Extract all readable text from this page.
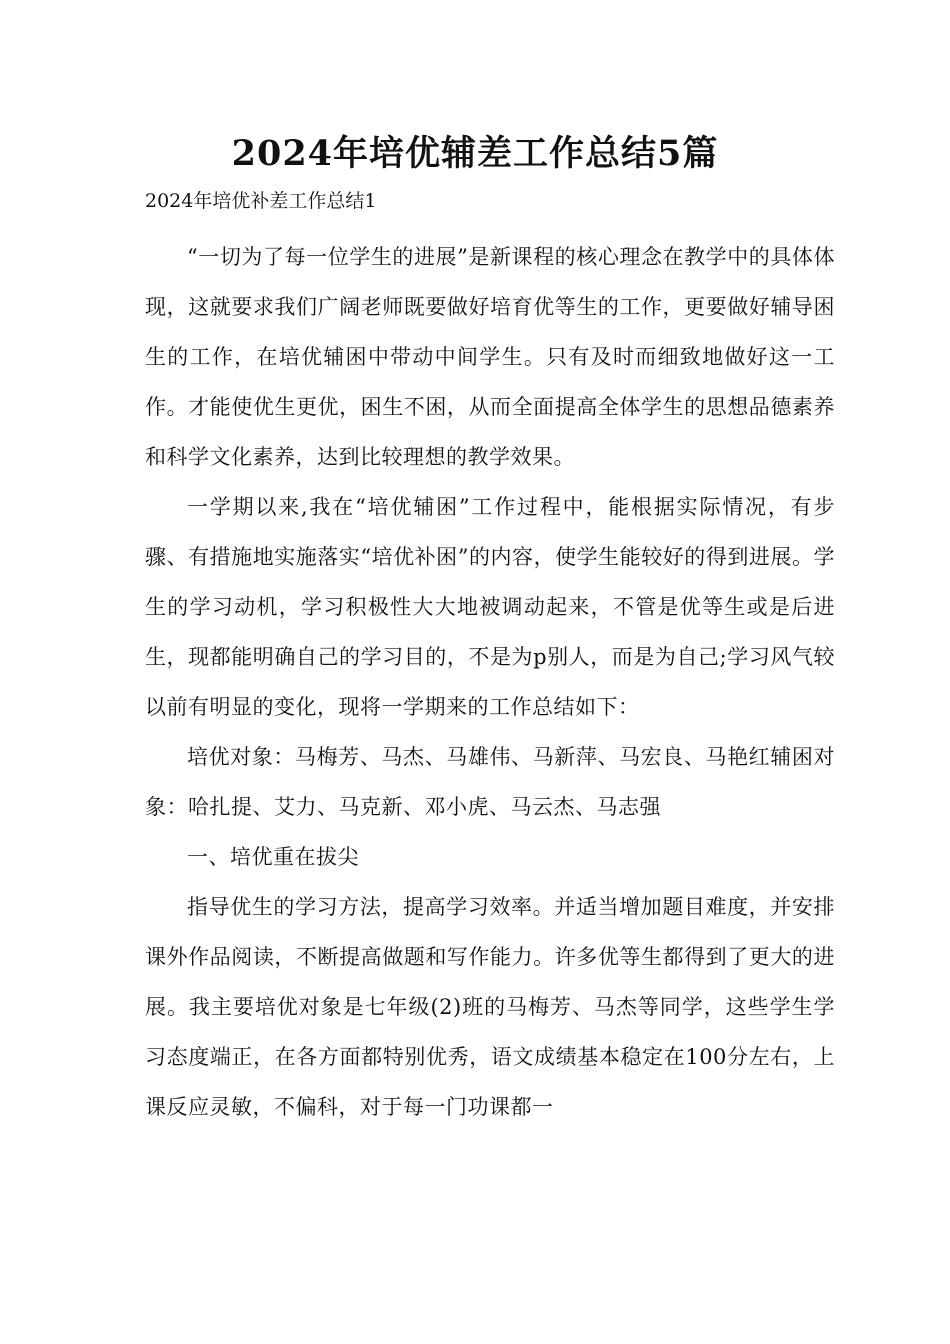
2024年培优辅差工作总结5篇
2024年培优补差工作总结1

“一切为了每一位学生的进展”是新课程的核心理念在教学中的具体体现，这就要求我们广阔老师既要做好培育优等生的工作，更要做好辅导困生的工作，在培优辅困中带动中间学生。只有及时而细致地做好这一工作。才能使优生更优，困生不困，从而全面提高全体学生的思想品德素养和科学文化素养，达到比较理想的教学效果。

一学期以来,我在“培优辅困”工作过程中，能根据实际情况，有步骤、有措施地实施落实“培优补困”的内容，使学生能较好的得到进展。学生的学习动机，学习积极性大大地被调动起来，不管是优等生或是后进生，现都能明确自己的学习目的，不是为p别人，而是为自己;学习风气较以前有明显的变化，现将一学期来的工作总结如下：

培优对象：马梅芳、马杰、马雄伟、马新萍、马宏良、马艳红辅困对象：哈扎提、艾力、马克新、邓小虎、马云杰、马志强

一、培优重在拔尖

指导优生的学习方法，提高学习效率。并适当增加题目难度，并安排课外作品阅读，不断提高做题和写作能力。许多优等生都得到了更大的进展。我主要培优对象是七年级(2)班的马梅芳、马杰等同学，这些学生学习态度端正，在各方面都特别优秀，语文成绩基本稳定在100分左右，上课反应灵敏，不偏科，对于每一门功课都一
